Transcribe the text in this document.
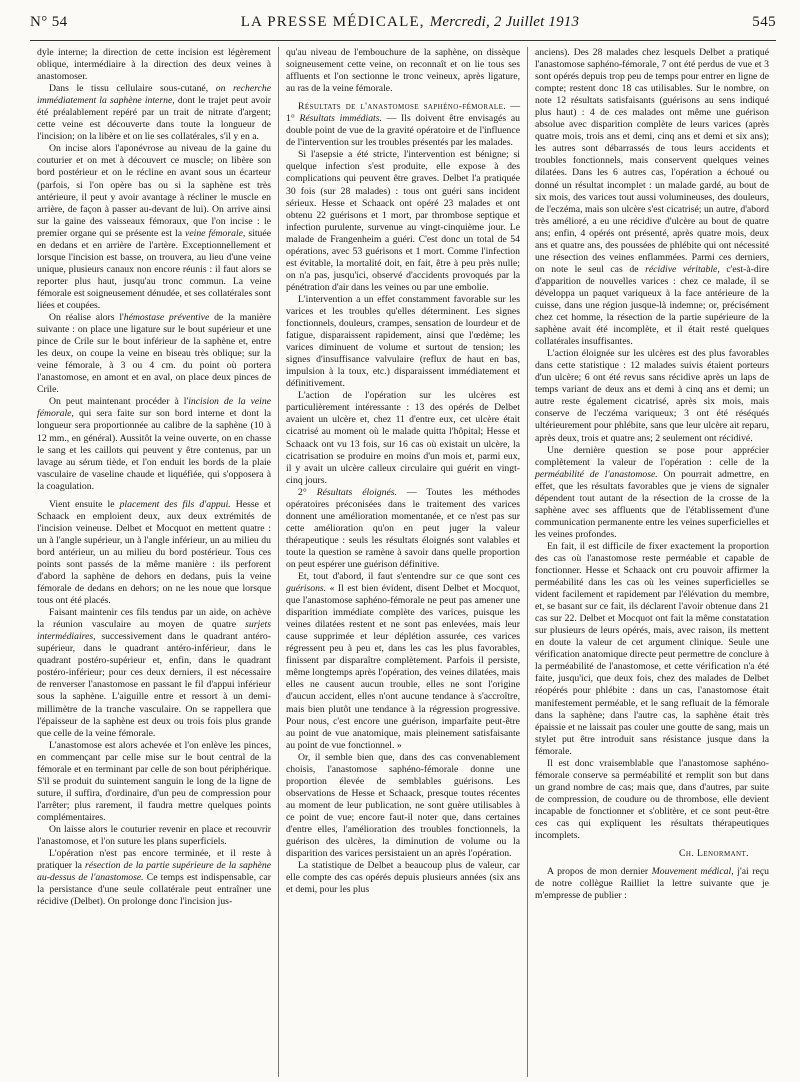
N° 54	LA PRESSE MÉDICALE, Mercredi, 2 Juillet 1913	545

dyle interne; la direction de cette incision est légèrement oblique, intermédiaire à la direction des deux veines à anastomoser.

Dans le tissu cellulaire sous-cutané, on recherche immédiatement la saphène interne, dont le trajet peut avoir été préalablement repéré par un trait de nitrate d'argent; cette veine est découverte dans toute la longueur de l'incision; on la libère et on lie ses collatérales, s'il y en a.

On incise alors l'aponévrose au niveau de la gaine du couturier et on met à découvert ce muscle; on libère son bord postérieur et on le récline en avant sous un écarteur (parfois, si l'on opère bas ou si la saphène est très antérieure, il peut y avoir avantage à récliner le muscle en arrière, de façon à passer au-devant de lui). On arrive ainsi sur la gaine des vaisseaux fémoraux, que l'on incise : le premier organe qui se présente est la veine fémorale, située en dedans et en arrière de l'artère. Exceptionnellement et lorsque l'incision est basse, on trouvera, au lieu d'une veine unique, plusieurs canaux non encore réunis : il faut alors se reporter plus haut, jusqu'au tronc commun. La veine fémorale est soigneusement dénudée, et ses collatérales sont liées et coupées.

On réalise alors l'hémostase préventive de la manière suivante : on place une ligature sur le bout supérieur et une pince de Crile sur le bout inférieur de la saphène et, entre les deux, on coupe la veine en biseau très oblique; sur la veine fémorale, à 3 ou 4 cm. du point où portera l'anastomose, en amont et en aval, on place deux pinces de Crile.

On peut maintenant procéder à l'incision de la veine fémorale, qui sera faite sur son bord interne et dont la longueur sera proportionnée au calibre de la saphène (10 à 12 mm., en général). Aussitôt la veine ouverte, on en chasse le sang et les caillots qui peuvent y être contenus, par un lavage au sérum tiède, et l'on enduit les bords de la plaie vasculaire de vaseline chaude et liquéfiée, qui s'opposera à la coagulation.

Vient ensuite le placement des fils d'appui. Hesse et Schaack en emploient deux, aux deux extrémités de l'incision veineuse. Delbet et Mocquot en mettent quatre : un à l'angle supérieur, un à l'angle inférieur, un au milieu du bord antérieur, un au milieu du bord postérieur. Tous ces points sont passés de la même manière : ils perforent d'abord la saphène de dehors en dedans, puis la veine fémorale de dedans en dehors; on ne les noue que lorsque tous ont été placés.

Faisant maintenir ces fils tendus par un aide, on achève la réunion vasculaire au moyen de quatre surjets intermédiaires, successivement dans le quadrant antéro-supérieur, dans le quadrant antéro-inférieur, dans le quadrant postéro-supérieur et, enfin, dans le quadrant postéro-inférieur; pour ces deux derniers, il est nécessaire de renverser l'anastomose en passant le fil d'appui inférieur sous la saphène. L'aiguille entre et ressort à un demi-millimètre de la tranche vasculaire. On se rappellera que l'épaisseur de la saphène est deux ou trois fois plus grande que celle de la veine fémorale.

L'anastomose est alors achevée et l'on enlève les pinces, en commençant par celle mise sur le bout central de la fémorale et en terminant par celle de son bout périphérique. S'il se produit du suintement sanguin le long de la ligne de suture, il suffira, d'ordinaire, d'un peu de compression pour l'arrêter; plus rarement, il faudra mettre quelques points complémentaires.

On laisse alors le couturier revenir en place et recouvrir l'anastomose, et l'on suture les plans superficiels.

L'opération n'est pas encore terminée, et il reste à pratiquer la résection de la partie supérieure de la saphène au-dessus de l'anastomose. Ce temps est indispensable, car la persistance d'une seule collatérale peut entraîner une récidive (Delbet). On prolonge donc l'incision jus-

qu'au niveau de l'embouchure de la saphène, on dissèque soigneusement cette veine, on reconnaît et on lie tous ses affluents et l'on sectionne le tronc veineux, après ligature, au ras de la veine fémorale.

Résultats de l'anastomose saphéno-fémorale. — 1° Résultats immédiats. — Ils doivent être envisagés au double point de vue de la gravité opératoire et de l'influence de l'intervention sur les troubles présentés par les malades.

Si l'asepsie a été stricte, l'intervention est bénigne; si quelque infection s'est produite, elle expose à des complications qui peuvent être graves. Delbet l'a pratiquée 30 fois (sur 28 malades) : tous ont guéri sans incident sérieux. Hesse et Schaack ont opéré 23 malades et ont obtenu 22 guérisons et 1 mort, par thrombose septique et infection purulente, survenue au vingt-cinquième jour. Le malade de Frangenheim a guéri. C'est donc un total de 54 opérations, avec 53 guérisons et 1 mort. Comme l'infection est évitable, la mortalité doit, en fait, être à peu près nulle; on n'a pas, jusqu'ici, observé d'accidents provoqués par la pénétration d'air dans les veines ou par une embolie.

L'intervention a un effet constamment favorable sur les varices et les troubles qu'elles déterminent. Les signes fonctionnels, douleurs, crampes, sensation de lourdeur et de fatigue, disparaissent rapidement, ainsi que l'œdème; les varices diminuent de volume et surtout de tension; les signes d'insuffisance valvulaire (reflux de haut en bas, impulsion à la toux, etc.) disparaissent immédiatement et définitivement.

L'action de l'opération sur les ulcères est particulièrement intéressante : 13 des opérés de Delbet avaient un ulcère et, chez 11 d'entre eux, cet ulcère était cicatrisé au moment où le malade quitta l'hôpital; Hesse et Schaack ont vu 13 fois, sur 16 cas où existait un ulcère, la cicatrisation se produire en moins d'un mois et, parmi eux, il y avait un ulcère calleux circulaire qui guérit en vingt-cinq jours.

2° Résultats éloignés. — Toutes les méthodes opératoires préconisées dans le traitement des varices donnent une amélioration momentanée, et ce n'est pas sur cette amélioration qu'on en peut juger la valeur thérapeutique : seuls les résultats éloignés sont valables et toute la question se ramène à savoir dans quelle proportion on peut espérer une guérison définitive.

Et, tout d'abord, il faut s'entendre sur ce que sont ces guérisons. « Il est bien évident, disent Delbet et Mocquot, que l'anastomose saphéno-fémorale ne peut pas amener une disparition immédiate complète des varices, puisque les veines dilatées restent et ne sont pas enlevées, mais leur cause supprimée et leur déplétion assurée, ces varices régressent peu à peu et, dans les cas les plus favorables, finissent par disparaître complètement. Parfois il persiste, même longtemps après l'opération, des veines dilatées, mais elles ne causent aucun trouble, elles ne sont l'origine d'aucun accident, elles n'ont aucune tendance à s'accroître, mais bien plutôt une tendance à la régression progressive. Pour nous, c'est encore une guérison, imparfaite peut-être au point de vue anatomique, mais pleinement satisfaisante au point de vue fonctionnel. »

Or, il semble bien que, dans des cas convenablement choisis, l'anastomose saphéno-fémorale donne une proportion élevée de semblables guérisons. Les observations de Hesse et Schaack, presque toutes récentes au moment de leur publication, ne sont guère utilisables à ce point de vue; encore faut-il noter que, dans certaines d'entre elles, l'amélioration des troubles fonctionnels, la guérison des ulcères, la diminution de volume ou la disparition des varices persistaient un an après l'opération.

La statistique de Delbet a beaucoup plus de valeur, car elle compte des cas opérés depuis plusieurs années (six ans et demi, pour les plus

anciens). Des 28 malades chez lesquels Delbet a pratiqué l'anastomose saphéno-fémorale, 7 ont été perdus de vue et 3 sont opérés depuis trop peu de temps pour entrer en ligne de compte; restent donc 18 cas utilisables. Sur le nombre, on note 12 résultats satisfaisants (guérisons au sens indiqué plus haut) : 4 de ces malades ont même une guérison absolue avec disparition complète de leurs varices (après quatre mois, trois ans et demi, cinq ans et demi et six ans); les autres sont débarrassés de tous leurs accidents et troubles fonctionnels, mais conservent quelques veines dilatées. Dans les 6 autres cas, l'opération a échoué ou donné un résultat incomplet : un malade gardé, au bout de six mois, des varices tout aussi volumineuses, des douleurs, de l'eczéma, mais son ulcère s'est cicatrisé; un autre, d'abord très amélioré, a eu une récidive d'ulcère au bout de quatre ans; enfin, 4 opérés ont présenté, après quatre mois, deux ans et quatre ans, des poussées de phlébite qui ont nécessité une résection des veines enflammées. Parmi ces derniers, on note le seul cas de récidive véritable, c'est-à-dire d'apparition de nouvelles varices : chez ce malade, il se développa un paquet variqueux à la face antérieure de la cuisse, dans une région jusque-là indemne; or, précisément chez cet homme, la résection de la partie supérieure de la saphène avait été incomplète, et il était resté quelques collatérales insuffisantes.

L'action éloignée sur les ulcères est des plus favorables dans cette statistique : 12 malades suivis étaient porteurs d'un ulcère; 6 ont été revus sans récidive après un laps de temps variant de deux ans et demi à cinq ans et demi; un autre reste également cicatrisé, après six mois, mais conserve de l'eczéma variqueux; 3 ont été réséqués ultérieurement pour phlébite, sans que leur ulcère ait reparu, après deux, trois et quatre ans; 2 seulement ont récidivé.

Une dernière question se pose pour apprécier complètement la valeur de l'opération : celle de la perméabilité de l'anastomose. On pourrait admettre, en effet, que les résultats favorables que je viens de signaler dépendent tout autant de la résection de la crosse de la saphène avec ses affluents que de l'établissement d'une communication permanente entre les veines superficielles et les veines profondes.

En fait, il est difficile de fixer exactement la proportion des cas où l'anastomose reste perméable et capable de fonctionner. Hesse et Schaack ont cru pouvoir affirmer la perméabilité dans les cas où les veines superficielles se vident facilement et rapidement par l'élévation du membre, et, se basant sur ce fait, ils déclarent l'avoir obtenue dans 21 cas sur 22. Delbet et Mocquot ont fait la même constatation sur plusieurs de leurs opérés, mais, avec raison, ils mettent en doute la valeur de cet argument clinique. Seule une vérification anatomique directe peut permettre de conclure à la perméabilité de l'anastomose, et cette vérification n'a été faite, jusqu'ici, que deux fois, chez des malades de Delbet réopérés pour phlébite : dans un cas, l'anastomose était manifestement perméable, et le sang refluait de la fémorale dans la saphène; dans l'autre cas, la saphène était très épaissie et ne laissait pas couler une goutte de sang, mais un stylet put être introduit sans résistance jusque dans la fémorale.

Il est donc vraisemblable que l'anastomose saphéno-fémorale conserve sa perméabilité et remplit son but dans un grand nombre de cas; mais que, dans d'autres, par suite de compression, de coudure ou de thrombose, elle devient incapable de fonctionner et s'oblitère, et ce sont peut-être ces cas qui expliquent les résultats thérapeutiques incomplets.

Ch. Lenormant.

A propos de mon dernier Mouvement médical, j'ai reçu de notre collègue Railliet la lettre suivante que je m'empresse de publier :
